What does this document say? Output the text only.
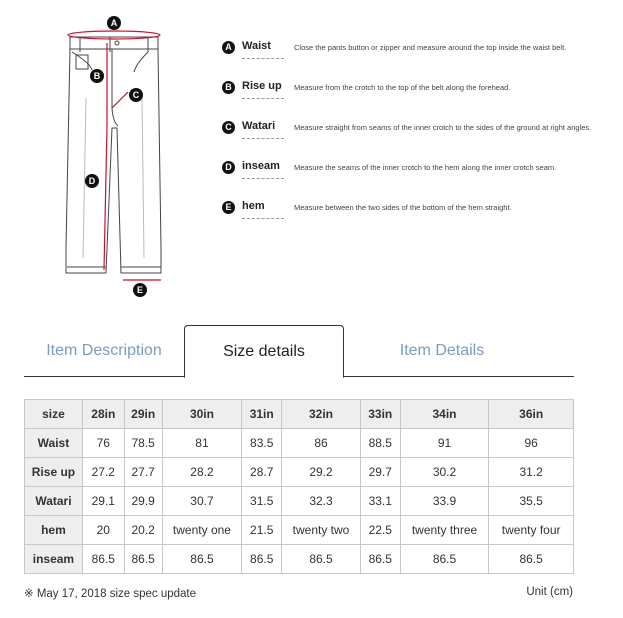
A
B
C
D
E
A Waist	Close the pants button or zipper and measure around the top inside the waist belt.
B Rise up Measure from the crotch to the top of the belt along the forehead.
C Watari	Measure straight from seams of the inner crotch to the sides of the ground at right angles.
D inseam Measure the seams of the inner crotch to the hem along the inner crotch seam.
E hem	Measure between the two sides of the bottom of the hem straight.
Item Description	Size details	Item Details
size	28in	29in	30in	31in	32in	33in	34in	36in
Waist	76	78.5	81	83.5	86	88.5	91	96
Rise up	27.2	27.7	28.2	28.7	29.2	29.7	30.2	31.2
Watari	29.1	29.9	30.7	31.5	32.3	33.1	33.9	35.5
hem	20	20.2	twenty one	21.5	twenty two	22.5	twenty three	twenty four
inseam	86.5	86.5	86.5	86.5	86.5	86.5	86.5	86.5
※ May 17, 2018 size spec update	Unit (cm)
